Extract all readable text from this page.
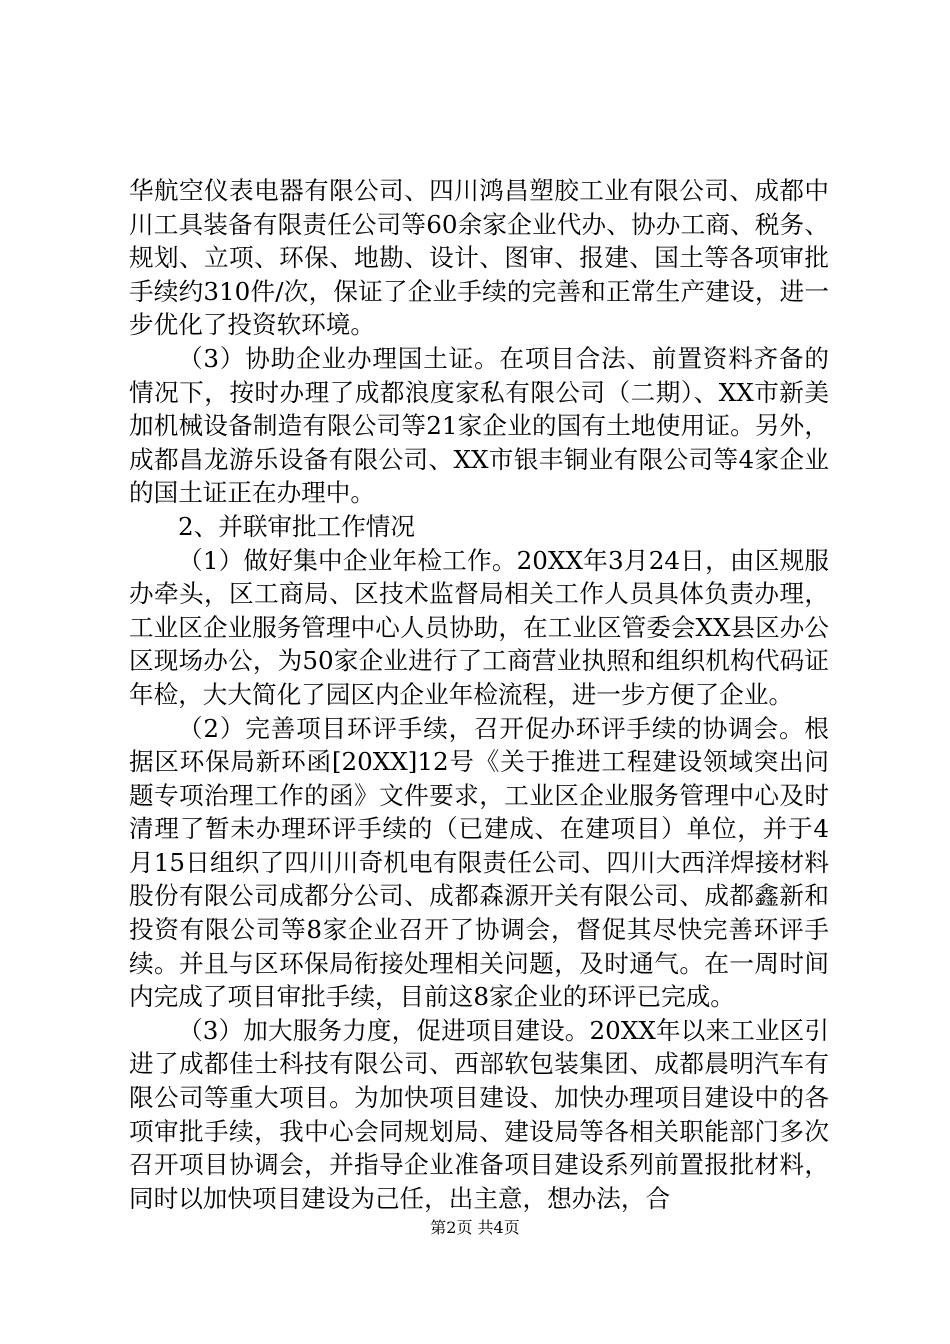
华航空仪表电器有限公司、四川鸿昌塑胶工业有限公司、成都中川工具装备有限责任公司等60余家企业代办、协办工商、税务、规划、立项、环保、地勘、设计、图审、报建、国土等各项审批手续约310件/次，保证了企业手续的完善和正常生产建设，进一步优化了投资软环境。

（3）协助企业办理国土证。在项目合法、前置资料齐备的情况下，按时办理了成都浪度家私有限公司（二期）、XX市新美加机械设备制造有限公司等21家企业的国有土地使用证。另外，成都昌龙游乐设备有限公司、XX市银丰铜业有限公司等4家企业的国土证正在办理中。

2、并联审批工作情况

（1）做好集中企业年检工作。20XX年3月24日，由区规服办牵头，区工商局、区技术监督局相关工作人员具体负责办理，工业区企业服务管理中心人员协助，在工业区管委会XX县区办公区现场办公，为50家企业进行了工商营业执照和组织机构代码证年检，大大简化了园区内企业年检流程，进一步方便了企业。

（2）完善项目环评手续，召开促办环评手续的协调会。根据区环保局新环函[20XX]12号《关于推进工程建设领域突出问题专项治理工作的函》文件要求，工业区企业服务管理中心及时清理了暂未办理环评手续的（已建成、在建项目）单位，并于4月15日组织了四川川奇机电有限责任公司、四川大西洋焊接材料股份有限公司成都分公司、成都森源开关有限公司、成都鑫新和投资有限公司等8家企业召开了协调会，督促其尽快完善环评手续。并且与区环保局衔接处理相关问题，及时通气。在一周时间内完成了项目审批手续，目前这8家企业的环评已完成。

（3）加大服务力度，促进项目建设。20XX年以来工业区引进了成都佳士科技有限公司、西部软包装集团、成都晨明汽车有限公司等重大项目。为加快项目建设、加快办理项目建设中的各项审批手续，我中心会同规划局、建设局等各相关职能部门多次召开项目协调会，并指导企业准备项目建设系列前置报批材料，同时以加快项目建设为己任，出主意，想办法，合

第2页 共4页
